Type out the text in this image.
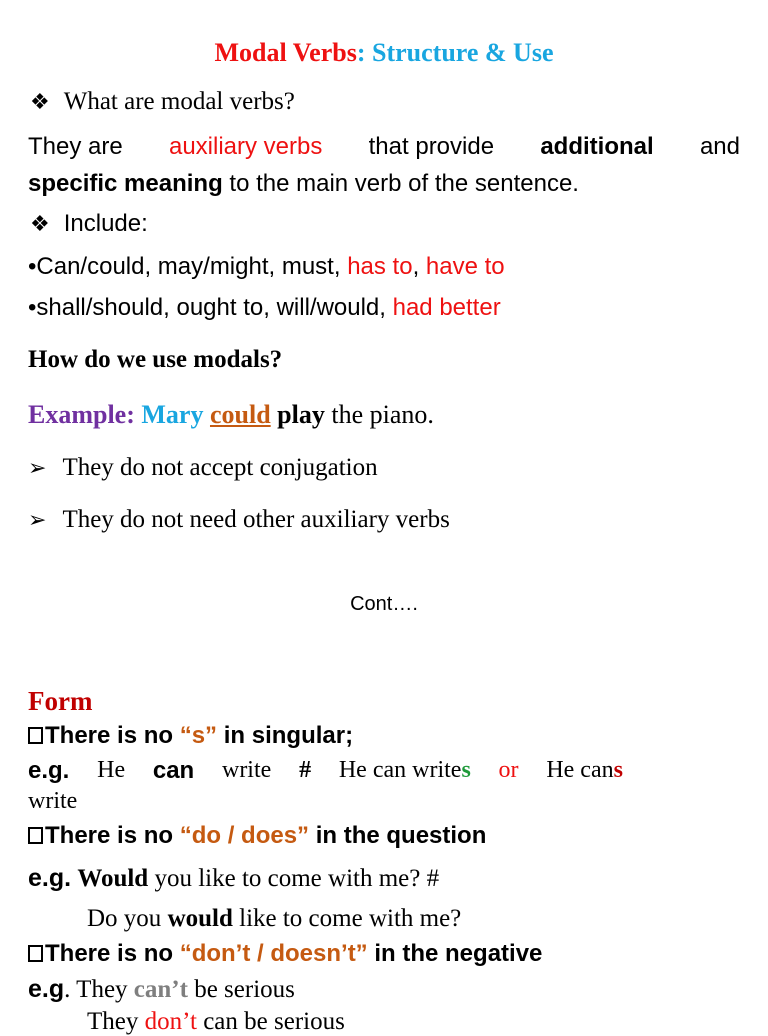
Modal Verbs: Structure & Use
❖ What are modal verbs?
They are auxiliary verbs that provide additional and
specific meaning to the main verb of the sentence.
❖ Include:
•Can/could, may/might, must, has to, have to
•shall/should, ought to, will/would, had better
How do we use modals?
Example: Mary could play the piano.
➢ They do not accept conjugation
➢ They do not need other auxiliary verbs
Cont….
Form
There is no “s” in singular;
e.g. He can write # He can writes or He cans
write
There is no “do / does” in the question
e.g. Would you like to come with me? #
Do you would like to come with me?
There is no “don’t / doesn’t” in the negative
e.g. They can’t be serious
They don’t can be serious
